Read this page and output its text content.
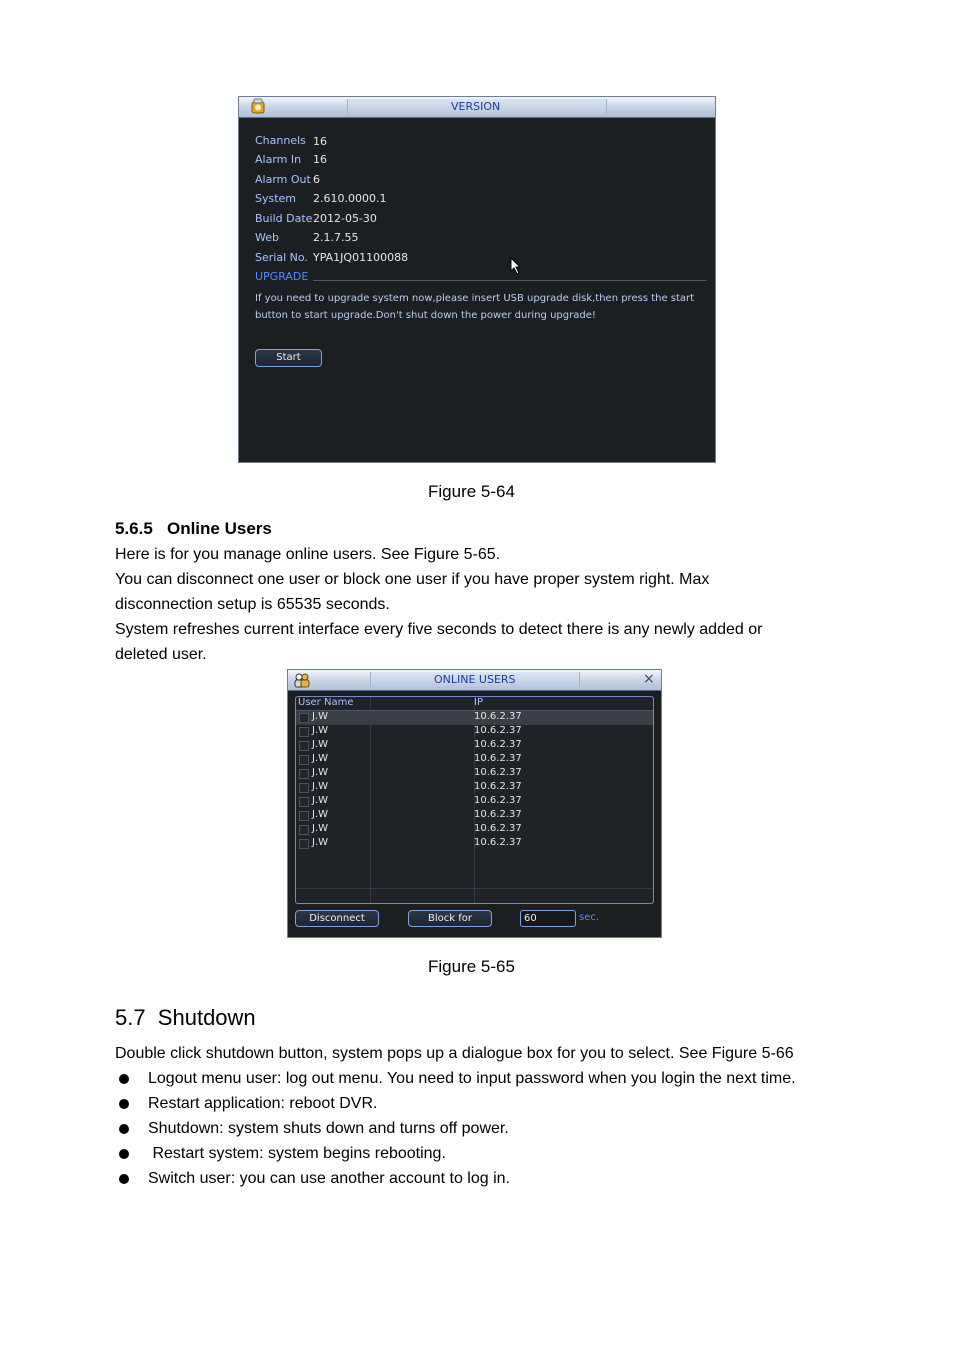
VERSION
Channels 16
Alarm In 16
Alarm Out 6
System 2.610.0000.1
Build Date 2012-05-30
Web	2.1.7.55
Serial No. YPA1JQ01100088
UPGRADE
If you need to upgrade system now,please insert USB upgrade disk,then press the start
button to start upgrade.Don't shut down the power during upgrade!
Start
Figure 5-64
5.6.5   Online Users
Here is for you manage online users. See Figure 5-65.
You can disconnect one user or block one user if you have proper system right. Max
disconnection setup is 65535 seconds.
System refreshes current interface every five seconds to detect there is any newly added or
deleted user.
ONLINE USERS	×
User Name	IP
J.W	10.6.2.37
J.W	10.6.2.37
J.W	10.6.2.37
J.W	10.6.2.37
J.W	10.6.2.37
J.W	10.6.2.37
J.W	10.6.2.37
J.W	10.6.2.37
J.W	10.6.2.37
J.W	10.6.2.37
Disconnect	Block for	60	sec.
Figure 5-65
5.7  Shutdown
Double click shutdown button, system pops up a dialogue box for you to select. See Figure 5-66
Logout menu user: log out menu. You need to input password when you login the next time.
Restart application: reboot DVR.
Shutdown: system shuts down and turns off power.
Restart system: system begins rebooting.
Switch user: you can use another account to log in.
